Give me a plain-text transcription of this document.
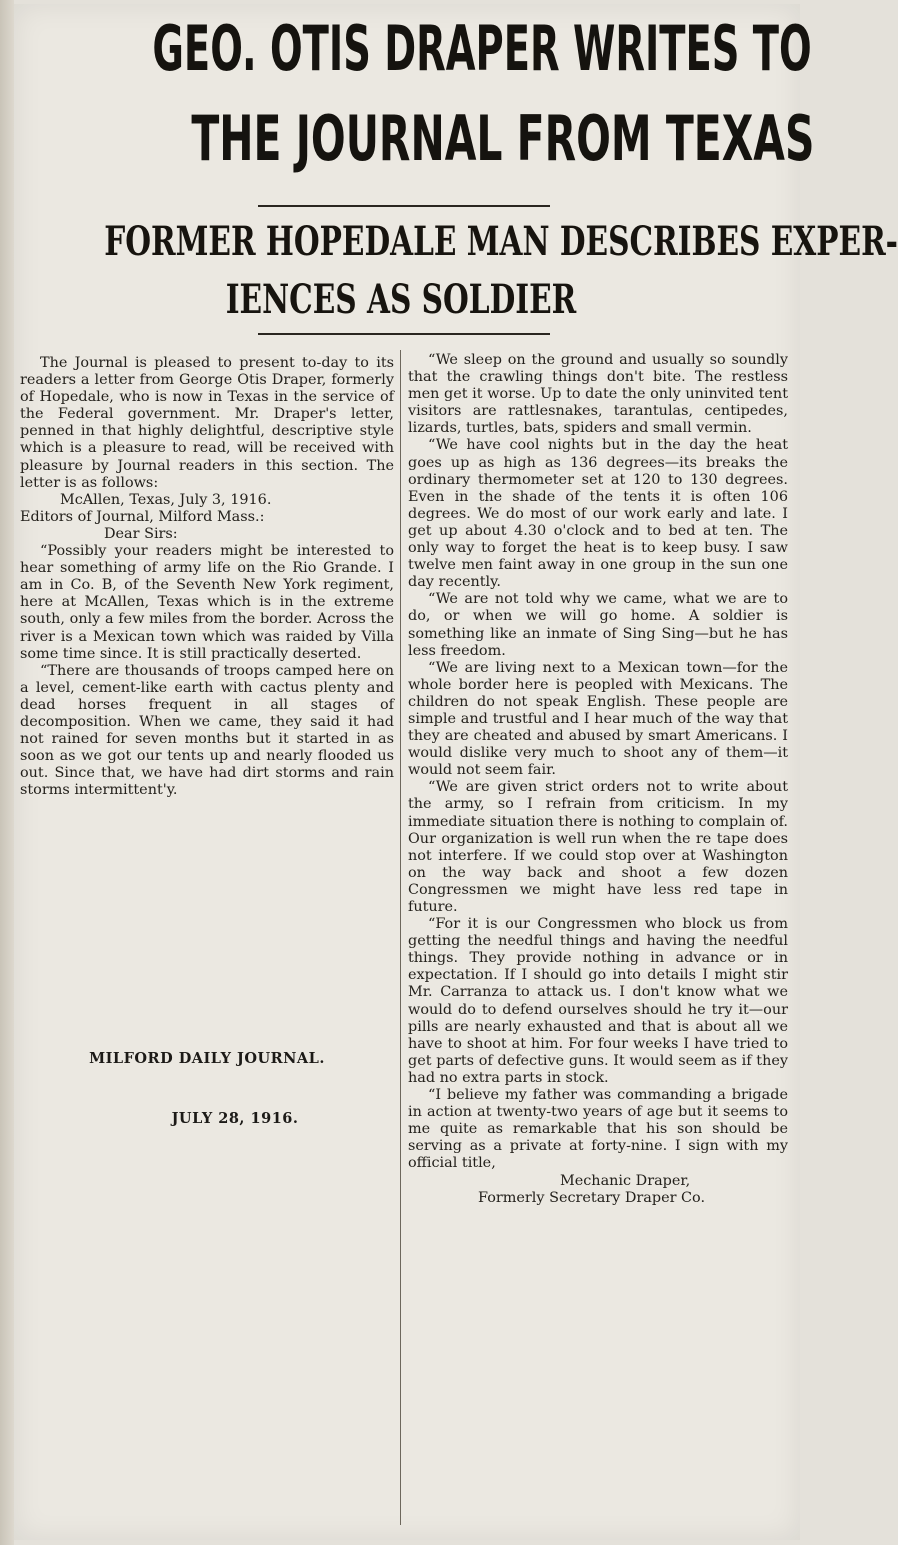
GEO. OTIS DRAPER WRITES TO
THE JOURNAL FROM TEXAS
FORMER HOPEDALE MAN DESCRIBES EXPER-
IENCES AS SOLDIER

The Journal is pleased to present to-day to its readers a letter from George Otis Draper, formerly of Hopedale, who is now in Texas in the service of the Federal government. Mr. Draper's letter, penned in that highly delightful, descriptive style which is a pleasure to read, will be received with pleasure by Journal readers in this section. The letter is as follows:

McAllen, Texas, July 3, 1916.

Editors of Journal, Milford Mass.:

Dear Sirs:

“Possibly your readers might be interested to hear something of army life on the Rio Grande. I am in Co. B, of the Seventh New York regiment, here at McAllen, Texas which is in the extreme south, only a few miles from the border. Across the river is a Mexican town which was raided by Villa some time since. It is still practically deserted.

“There are thousands of troops camped here on a level, cement-like earth with cactus plenty and dead horses frequent in all stages of decomposition. When we came, they said it had not rained for seven months but it started in as soon as we got our tents up and nearly flooded us out. Since that, we have had dirt storms and rain storms intermittent'y.

MILFORD DAILY JOURNAL.
JULY 28, 1916.

“We sleep on the ground and usually so soundly that the crawling things don't bite. The restless men get it worse. Up to date the only uninvited tent visitors are rattlesnakes, tarantulas, centipedes, lizards, turtles, bats, spiders and small vermin.

“We have cool nights but in the day the heat goes up as high as 136 degrees—its breaks the ordinary thermometer set at 120 to 130 degrees. Even in the shade of the tents it is often 106 degrees. We do most of our work early and late. I get up about 4.30 o'clock and to bed at ten. The only way to forget the heat is to keep busy. I saw twelve men faint away in one group in the sun one day recently.

“We are not told why we came, what we are to do, or when we will go home. A soldier is something like an inmate of Sing Sing—but he has less freedom.

“We are living next to a Mexican town—for the whole border here is peopled with Mexicans. The children do not speak English. These people are simple and trustful and I hear much of the way that they are cheated and abused by smart Americans. I would dislike very much to shoot any of them—it would not seem fair.

“We are given strict orders not to write about the army, so I refrain from criticism. In my immediate situation there is nothing to complain of. Our organization is well run when the re tape does not interfere. If we could stop over at Washington on the way back and shoot a few dozen Congressmen we might have less red tape in future.

“For it is our Congressmen who block us from getting the needful things and having the needful things. They provide nothing in advance or in expectation. If I should go into details I might stir Mr. Carranza to attack us. I don't know what we would do to defend ourselves should he try it—our pills are nearly exhausted and that is about all we have to shoot at him. For four weeks I have tried to get parts of defective guns. It would seem as if they had no extra parts in stock.

“I believe my father was commanding a brigade in action at twenty-two years of age but it seems to me quite as remarkable that his son should be serving as a private at forty-nine. I sign with my official title,

Mechanic Draper,

Formerly Secretary Draper Co.
